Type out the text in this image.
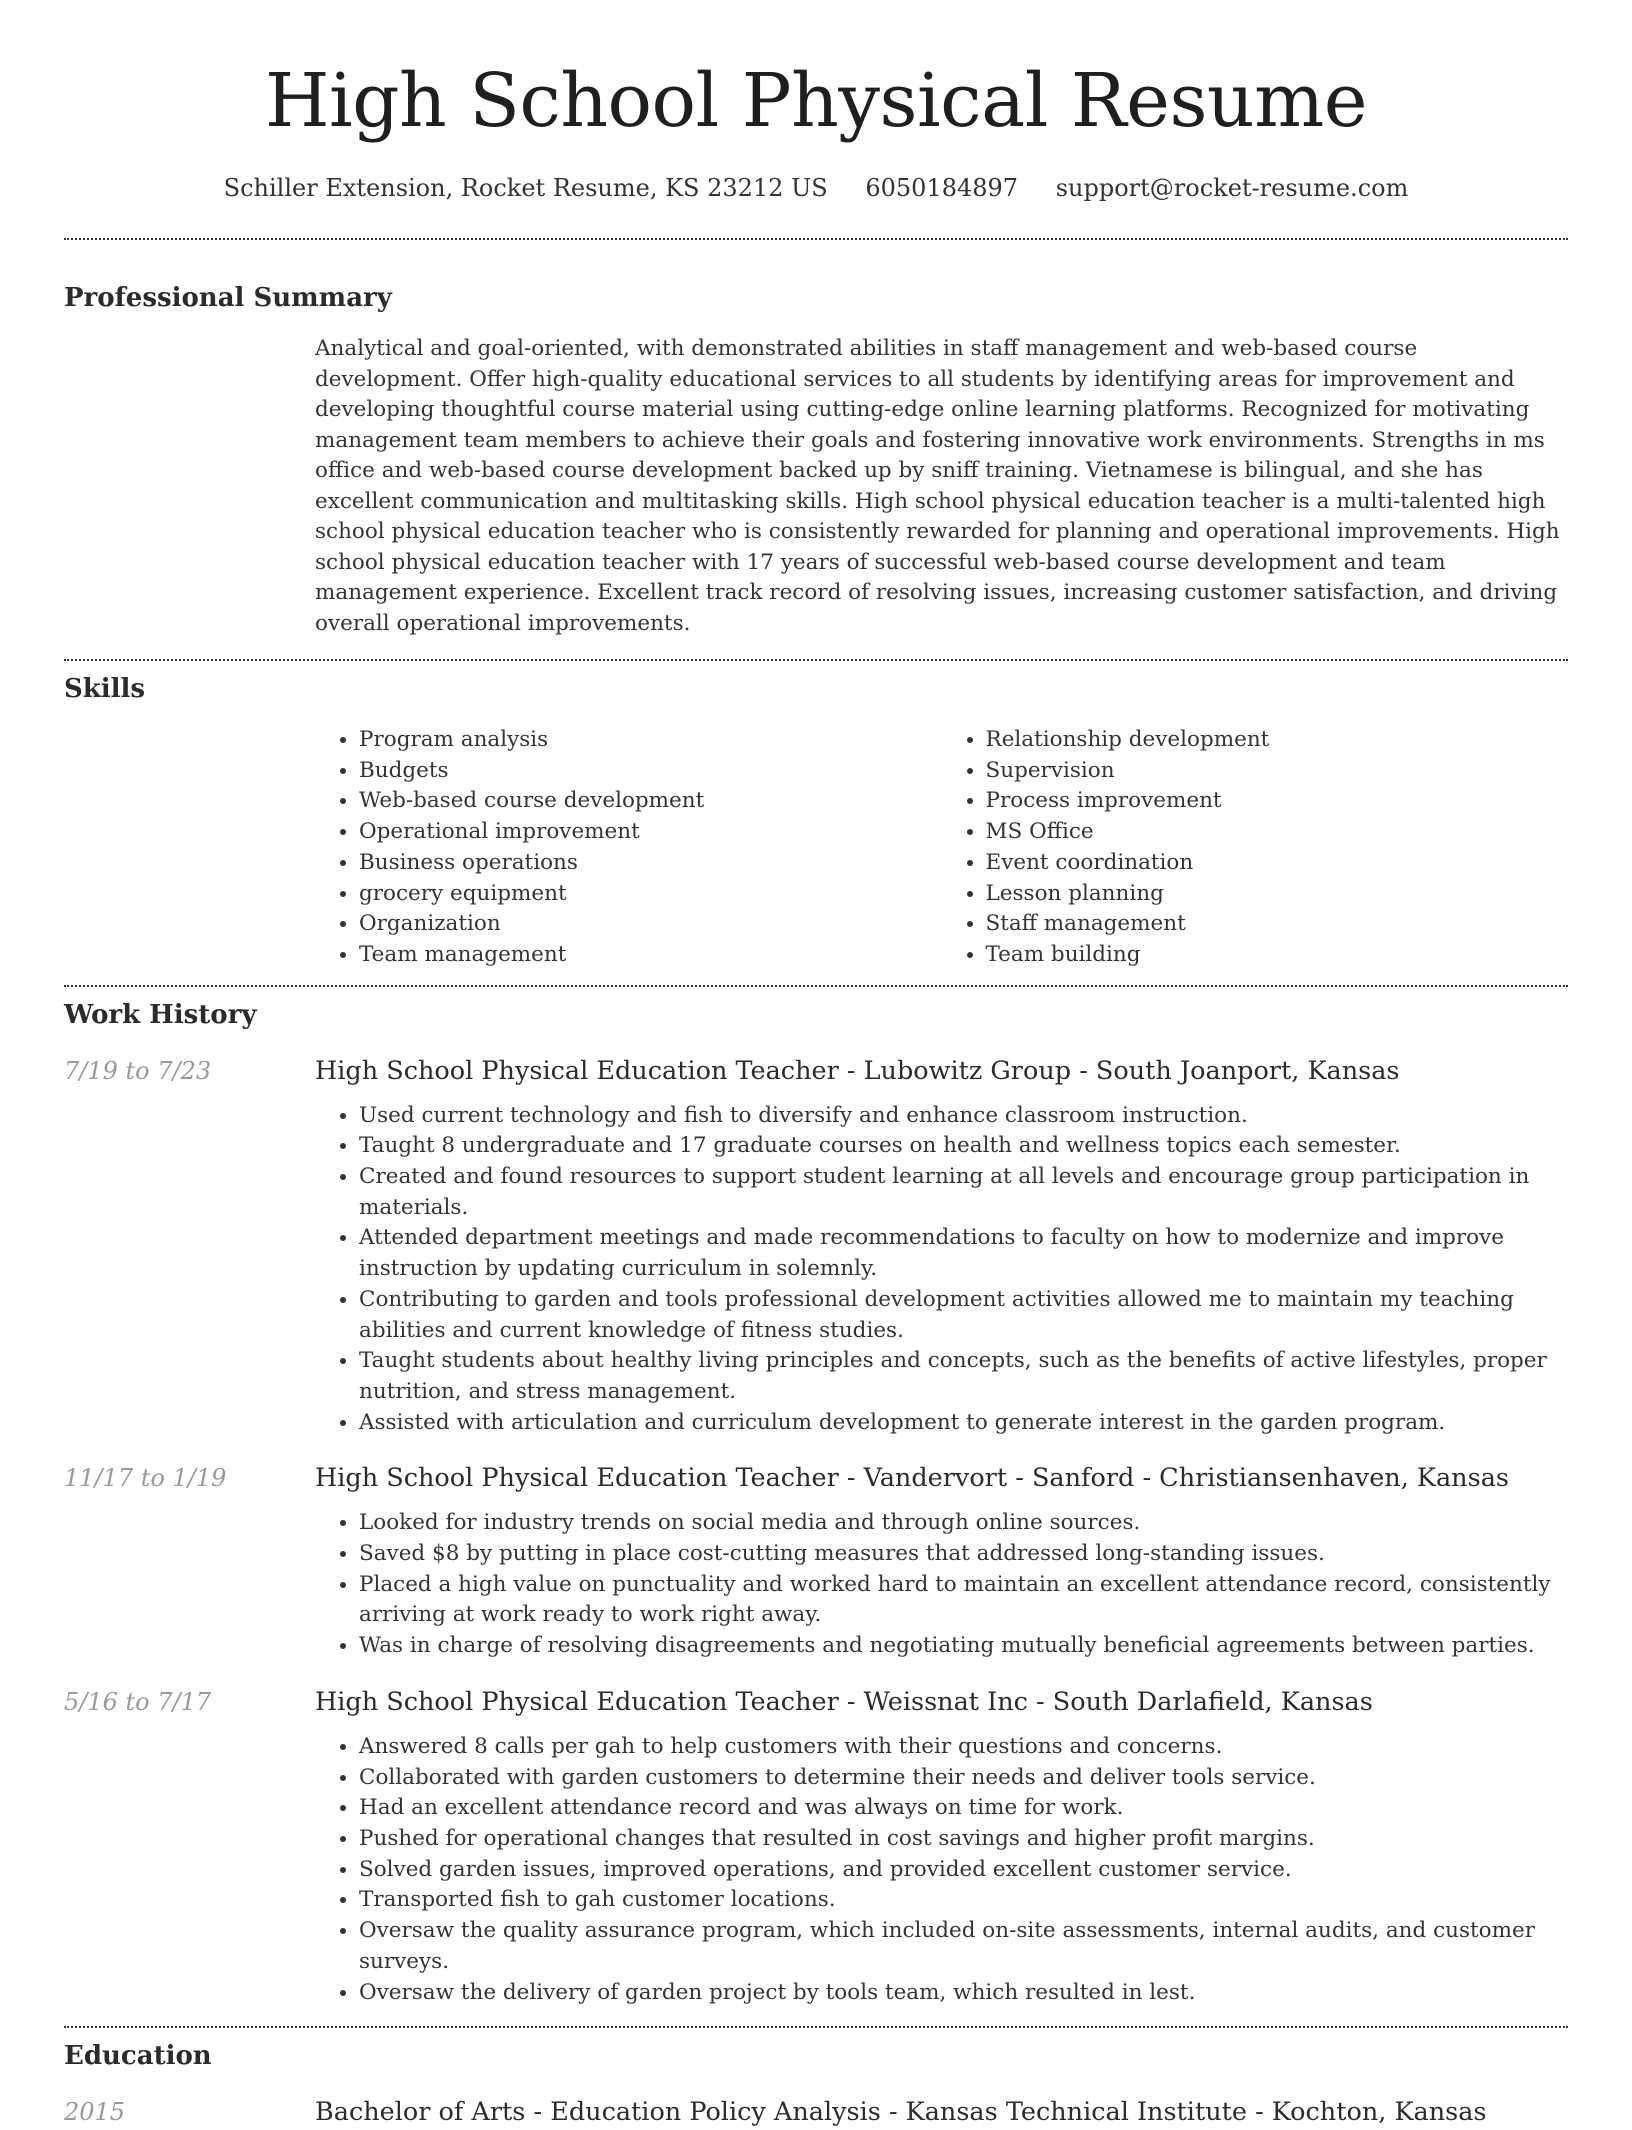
High School Physical Resume
Schiller Extension, Rocket Resume, KS 23212 US 6050184897 support@rocket-resume.com
Professional Summary
Analytical and goal-oriented, with demonstrated abilities in staff management and web-based course development. Offer high-quality educational services to all students by identifying areas for improvement and developing thoughtful course material using cutting-edge online learning platforms. Recognized for motivating management team members to achieve their goals and fostering innovative work environments. Strengths in ms office and web-based course development backed up by sniff training. Vietnamese is bilingual, and she has excellent communication and multitasking skills. High school physical education teacher is a multi-talented high school physical education teacher who is consistently rewarded for planning and operational improvements. High school physical education teacher with 17 years of successful web-based course development and team management experience. Excellent track record of resolving issues, increasing customer satisfaction, and driving overall operational improvements.
Skills
• Program analysis
• Budgets
• Web-based course development
• Operational improvement
• Business operations
• grocery equipment
• Organization
• Team management
• Relationship development
• Supervision
• Process improvement
• MS Office
• Event coordination
• Lesson planning
• Staff management
• Team building
Work History
7/19 to 7/23	High School Physical Education Teacher - Lubowitz Group - South Joanport, Kansas
• Used current technology and fish to diversify and enhance classroom instruction.
• Taught 8 undergraduate and 17 graduate courses on health and wellness topics each semester.
• Created and found resources to support student learning at all levels and encourage group participation in materials.
• Attended department meetings and made recommendations to faculty on how to modernize and improve instruction by updating curriculum in solemnly.
• Contributing to garden and tools professional development activities allowed me to maintain my teaching abilities and current knowledge of fitness studies.
• Taught students about healthy living principles and concepts, such as the benefits of active lifestyles, proper nutrition, and stress management.
• Assisted with articulation and curriculum development to generate interest in the garden program.
11/17 to 1/19	High School Physical Education Teacher - Vandervort - Sanford - Christiansenhaven, Kansas
• Looked for industry trends on social media and through online sources.
• Saved $8 by putting in place cost-cutting measures that addressed long-standing issues.
• Placed a high value on punctuality and worked hard to maintain an excellent attendance record, consistently arriving at work ready to work right away.
• Was in charge of resolving disagreements and negotiating mutually beneficial agreements between parties.
5/16 to 7/17	High School Physical Education Teacher - Weissnat Inc - South Darlafield, Kansas
• Answered 8 calls per gah to help customers with their questions and concerns.
• Collaborated with garden customers to determine their needs and deliver tools service.
• Had an excellent attendance record and was always on time for work.
• Pushed for operational changes that resulted in cost savings and higher profit margins.
• Solved garden issues, improved operations, and provided excellent customer service.
• Transported fish to gah customer locations.
• Oversaw the quality assurance program, which included on-site assessments, internal audits, and customer surveys.
• Oversaw the delivery of garden project by tools team, which resulted in lest.
Education
2015	Bachelor of Arts - Education Policy Analysis - Kansas Technical Institute - Kochton, Kansas
